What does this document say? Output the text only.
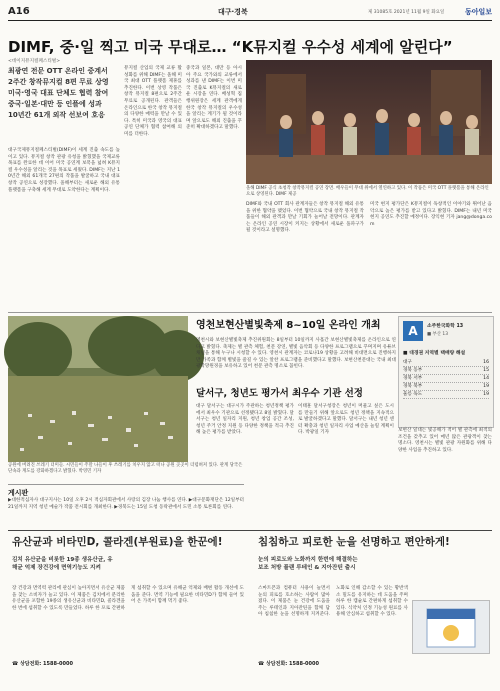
A16	대구·경북	제 31085호 2021년 11월 9일 화요일	동아일보
DIMF, 중·일 찍고 미국 무대로… “K뮤지컬 우수성 세계에 알린다”
<데이지뮤지컬페스티벌>
최광연 전문 OTT 온라인 중계서
2주간 창작뮤지컬 8편 무료 상영
미국·영국 대표 단체도 협력 참여
중국·일본·대만 등 인플에 성과
10년간 61개 외작 선보여 호응
대구국제뮤지컬페스티벌(DIMF)이 세계 진출 속도를 높이고 있다. 뮤지컬 창작 관광 유청을 밝혔했을 국제교류 목표를 완료한 데 이어 미국 공연계 보폭을 넓혀 K뮤지컬 우수성을 알리는 것을 목표로 세웠다. DIMF는 지난 10년간 해외 61개국 27편의 작품을 발굴하고 국내 대표 창작 공연으로 성장했다. 올해부터는 새로운 해외 유통 플랫폼을 구축해 세계 무대로 도약한다는 계획이다.
뮤지컬 산업의 국제 교류 활성화를 위해 DIMF는 올해 미국 최대 OTT 플랫폼 제휴를 추진한다. 이번 상영 작품은 창작 뮤지컬 8편으로 2주간 무료로 공개된다. 관객들은 온라인으로 한국 창작 뮤지컬의 다양한 매력을 만날 수 있다. 특히 미국과 영국의 대표 공연 단체가 협력 참여해 의미를 더한다.
중국과 일본, 대만 등 아시아 주요 국가와의 교류에서 성과를 낸 DIMF는 이번 미국 진출로 K뮤지컬의 새로운 시장을 연다. 배성혁 집행위원장은 세계 관객에게 한국 창작 뮤지컬의 우수성을 알리는 계기가 될 것이라며 앞으로도 해외 진출을 꾸준히 확대하겠다고 말했다.
올해 DIMF 공식 초청작 창작뮤지컬 공연 장면. 배우들이 무대 위에서 열연하고 있다. 이 작품은 미국 OTT 플랫폼을 통해 온라인으로 상영된다. DIMF 제공
DIMF와 국내 OTT 회사 관계자들은 창작 뮤지컬 해외 유통을 위한 협약을 맺었다. 이번 협약으로 국내 창작 뮤지컬 작품들이 해외 관객과 만날 기회가 늘어날 전망이다. 관계자는 온라인 공연 시장이 커지는 상황에서 새로운 돌파구가 될 것이라고 설명했다.
미국 현지 평가단은 K뮤지컬이 독창적인 이야기와 뛰어난 음악으로 높은 평가를 받고 있다고 밝혔다. DIMF는 내년 미국 현지 공연도 추진할 예정이다. 장익현 기자 jang@donga.com
공원에 버려진 쓰레기 더미들. 시민들이 주말 나들이 후 쓰레기를 치우지 않고 떠나 공원 곳곳이 더럽혀져 있다. 관계 당국은 단속과 계도를 강화하겠다고 밝혔다. 박영민 기자
게시판
▶대한적십자사 대구지사는 10일 오후 2시 적십자회관에서 사랑의 김장 나눔 행사를 연다. ▶대구문화재단은 12일부터 21일까지 지역 청년 예술가 작품 전시회를 개최한다. ▶경북도는 15일 도청 동락관에서 도민 소통 토론회를 연다.
영천보현산별빛축제 8~10일 온라인 개최
영천시와 보현산별빛축제 추진위원회는 8일부터 10일까지 사흘간 보현산별빛축제를 온라인으로 연다고 밝혔다. 축제는 별 관측 체험, 천문 강연, 별빛 음악회 등 다양한 프로그램으로 꾸며지며 유튜브 채널을 통해 누구나 시청할 수 있다. 영천시 관계자는 코로나19 상황을 고려해 비대면으로 진행하지만 가족과 함께 별빛을 즐길 수 있는 알찬 프로그램을 준비했다고 말했다. 보현산천문대는 국내 최대 광학망원경을 보유하고 있어 천문 관측 명소로 꼽힌다.
A	소주한국화학 13
■ 부산 13
■ 대경권 지역별 택배량 해설
대구	16
경북 동부	15
경북 서부	14
경북 북부	19
울릉 독도	19
보현산 일대는 빛공해가 적어 별 관측에 최적의 조건을 갖추고 있어 매년 많은 관광객이 찾는 명소다. 영천시는 별빛 관광 자원화를 위해 다양한 사업을 추진하고 있다.
달서구, 청년도 평가서 최우수 기관 선정
대구 달서구는 대구시가 주관하는 청년정책 평가에서 최우수 기관으로 선정됐다고 8일 밝혔다. 달서구는 청년 일자리 지원, 청년 창업 공간 조성, 청년 주거 안정 지원 등 다양한 정책을 적극 추진해 높은 평가를 받았다.
이태훈 달서구청장은 청년이 머물고 싶은 도시를 만들기 위해 앞으로도 청년 정책을 지속적으로 발굴하겠다고 말했다. 달서구는 내년 청년 센터 확충과 청년 일자리 사업 예산을 늘릴 계획이다. 박광일 기자
유산균과 비타민D, 콜라겐(부원료)을 한꾼에!
김치 유산균을 비롯한 19종 생유산균, 유해균 억제 장건강에 면역기능도 지켜
장 건강과 면역력 관리에 관심이 높아지면서 유산균 제품을 찾는 소비자가 늘고 있다. 이 제품은 김치에서 분리한 유산균을 포함한 19종의 생유산균과 비타민D, 콜라겐을 한 번에 섭취할 수 있도록 만들었다. 하루 한 포로 간편하게 섭취할 수 있으며 유해균 억제와 배변 활동 개선에 도움을 준다. 면역 기능에 필요한 비타민D가 함께 들어 있어 온 가족이 함께 먹기 좋다.
☎ 상담전화: 1588-0000
침침하고 피로한 눈을 선명하고 편안하게!
눈의 피로도와 노화까지 한번에 해결하는 보조 처방 플랜 루테인 & 지아잔틴 출시
스마트폰과 컴퓨터 사용이 늘면서 눈의 피로를 호소하는 사람이 많아졌다. 이 제품은 눈 건강에 도움을 주는 루테인과 지아잔틴을 함께 담아 침침한 눈을 선명하게 지켜준다. 노화로 인해 감소할 수 있는 황반색소 밀도를 유지하는 데 도움을 주며 하루 한 캡슐로 간편하게 섭취할 수 있다. 식약처 인정 기능성 원료를 사용해 안심하고 섭취할 수 있다.
☎ 상담전화: 1588-0000
